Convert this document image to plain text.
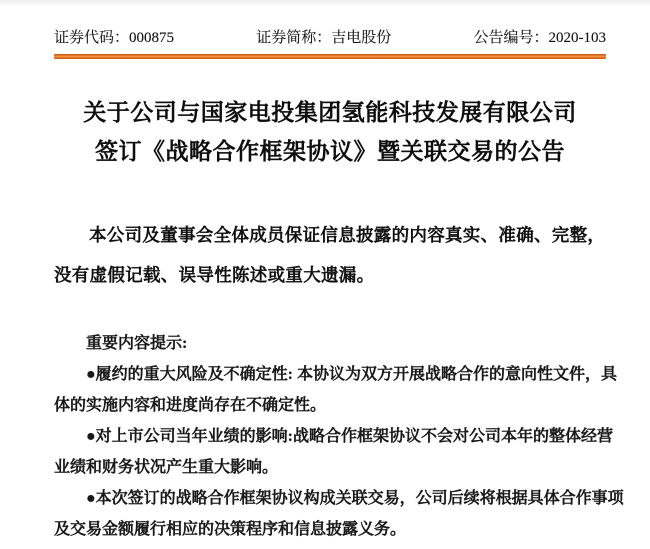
证券代码：000875	证券简称：吉电股份	公告编号：2020-103
关于公司与国家电投集团氢能科技发展有限公司
签订《战略合作框架协议》暨关联交易的公告
本公司及董事会全体成员保证信息披露的内容真实、准确、完整，
没有虚假记载、误导性陈述或重大遗漏。
重要内容提示:
●履约的重大风险及不确定性: 本协议为双方开展战略合作的意向性文件，具
体的实施内容和进度尚存在不确定性。
●对上市公司当年业绩的影响:战略合作框架协议不会对公司本年的整体经营
业绩和财务状况产生重大影响。
●本次签订的战略合作框架协议构成关联交易，公司后续将根据具体合作事项
及交易金额履行相应的决策程序和信息披露义务。
